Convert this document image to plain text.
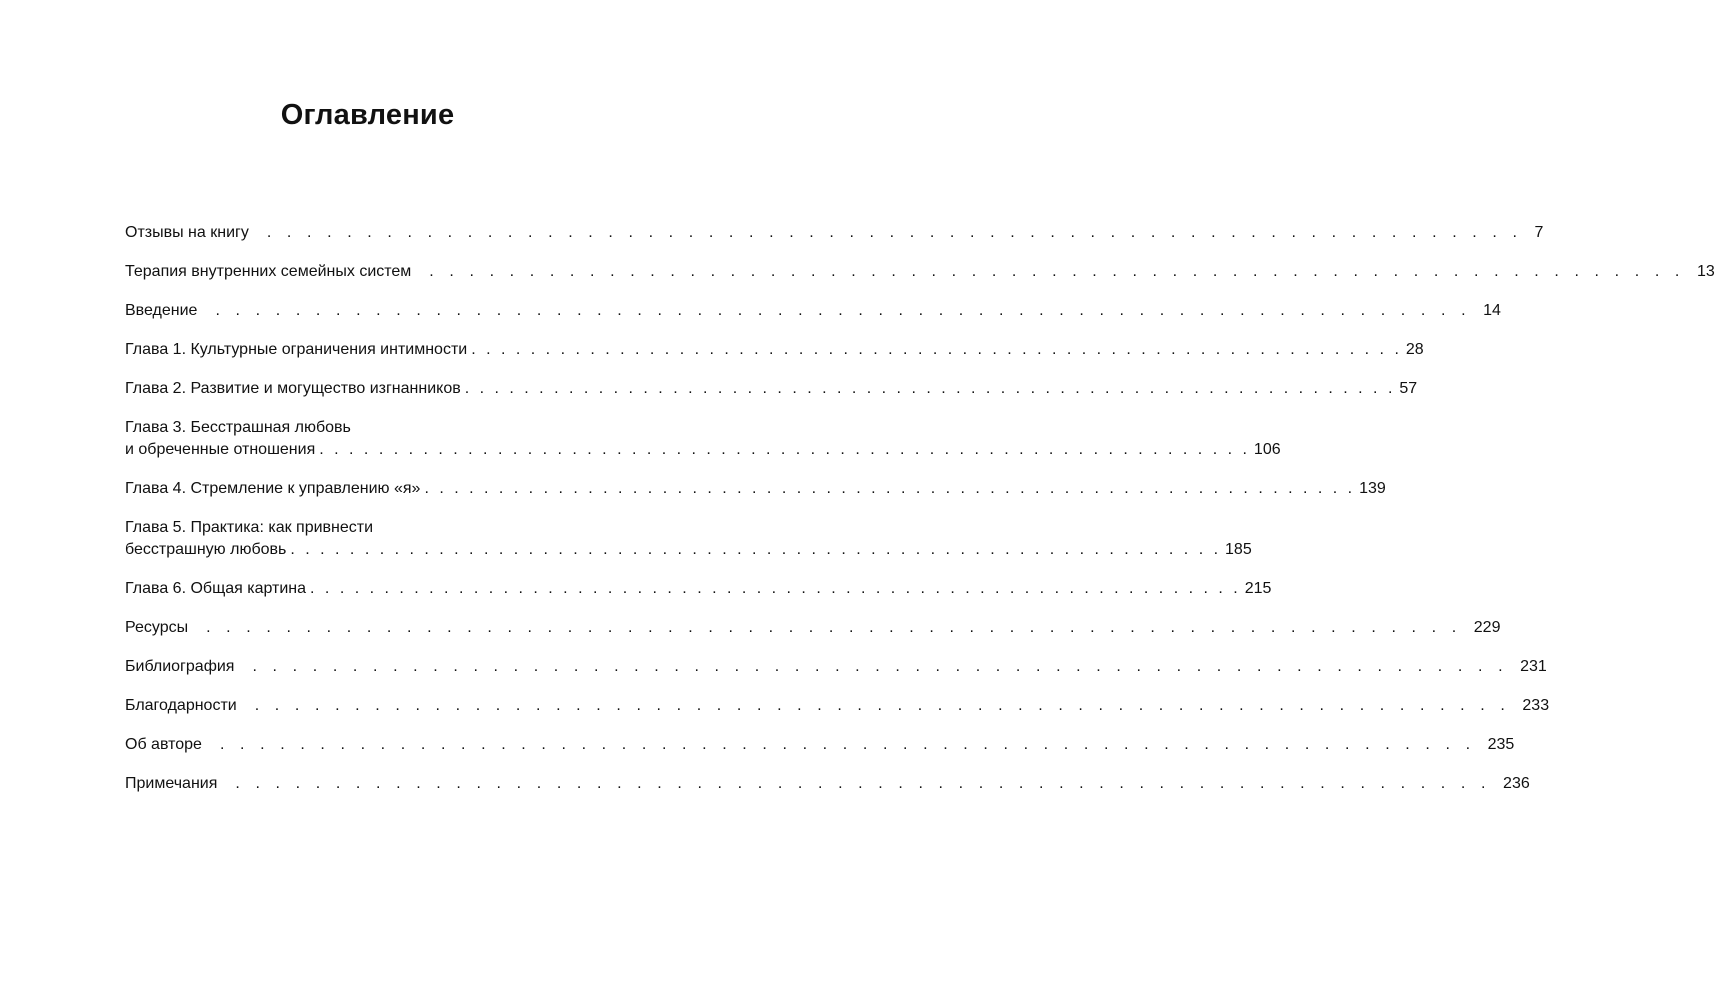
Оглавление
Отзывы на книгу	. . . . . . . . . . . . . . . . . . . . . . . . . . . . . . . . . . . . . . . . . . . . . . . . . . . . . . . . . . . . . . . 7
Терапия внутренних семейных систем	. . . . . . . . . . . . . . . . . . . . . . . . . . . . . . . . . . . . . . . . . . . . . . . . . . . . . . . . . . . . . . . 13
Введение	. . . . . . . . . . . . . . . . . . . . . . . . . . . . . . . . . . . . . . . . . . . . . . . . . . . . . . . . . . . . . . . 14
Глава 1. Культурные ограничения интимности . . . . . . . . . . . . . . . . . . . . . . . . . . . . . . . . . . . . . . . . . . . . . . . . . . . . . . . . . . . . . . . 28
Глава 2. Развитие и могущество изгнанников . . . . . . . . . . . . . . . . . . . . . . . . . . . . . . . . . . . . . . . . . . . . . . . . . . . . . . . . . . . . . . . 57
Глава 3. Бесстрашная любовь
и обреченные отношения . . . . . . . . . . . . . . . . . . . . . . . . . . . . . . . . . . . . . . . . . . . . . . . . . . . . . . . . . . . . . . . 106
Глава 4. Стремление к управлению «я» . . . . . . . . . . . . . . . . . . . . . . . . . . . . . . . . . . . . . . . . . . . . . . . . . . . . . . . . . . . . . . . 139
Глава 5. Практика: как привнести
бесстрашную любовь . . . . . . . . . . . . . . . . . . . . . . . . . . . . . . . . . . . . . . . . . . . . . . . . . . . . . . . . . . . . . . . 185
Глава 6. Общая картина . . . . . . . . . . . . . . . . . . . . . . . . . . . . . . . . . . . . . . . . . . . . . . . . . . . . . . . . . . . . . . . 215
Ресурсы	. . . . . . . . . . . . . . . . . . . . . . . . . . . . . . . . . . . . . . . . . . . . . . . . . . . . . . . . . . . . . . . 229
Библиография	. . . . . . . . . . . . . . . . . . . . . . . . . . . . . . . . . . . . . . . . . . . . . . . . . . . . . . . . . . . . . . . 231
Благодарности	. . . . . . . . . . . . . . . . . . . . . . . . . . . . . . . . . . . . . . . . . . . . . . . . . . . . . . . . . . . . . . . 233
Об авторе	. . . . . . . . . . . . . . . . . . . . . . . . . . . . . . . . . . . . . . . . . . . . . . . . . . . . . . . . . . . . . . . 235
Примечания	. . . . . . . . . . . . . . . . . . . . . . . . . . . . . . . . . . . . . . . . . . . . . . . . . . . . . . . . . . . . . . . 236
